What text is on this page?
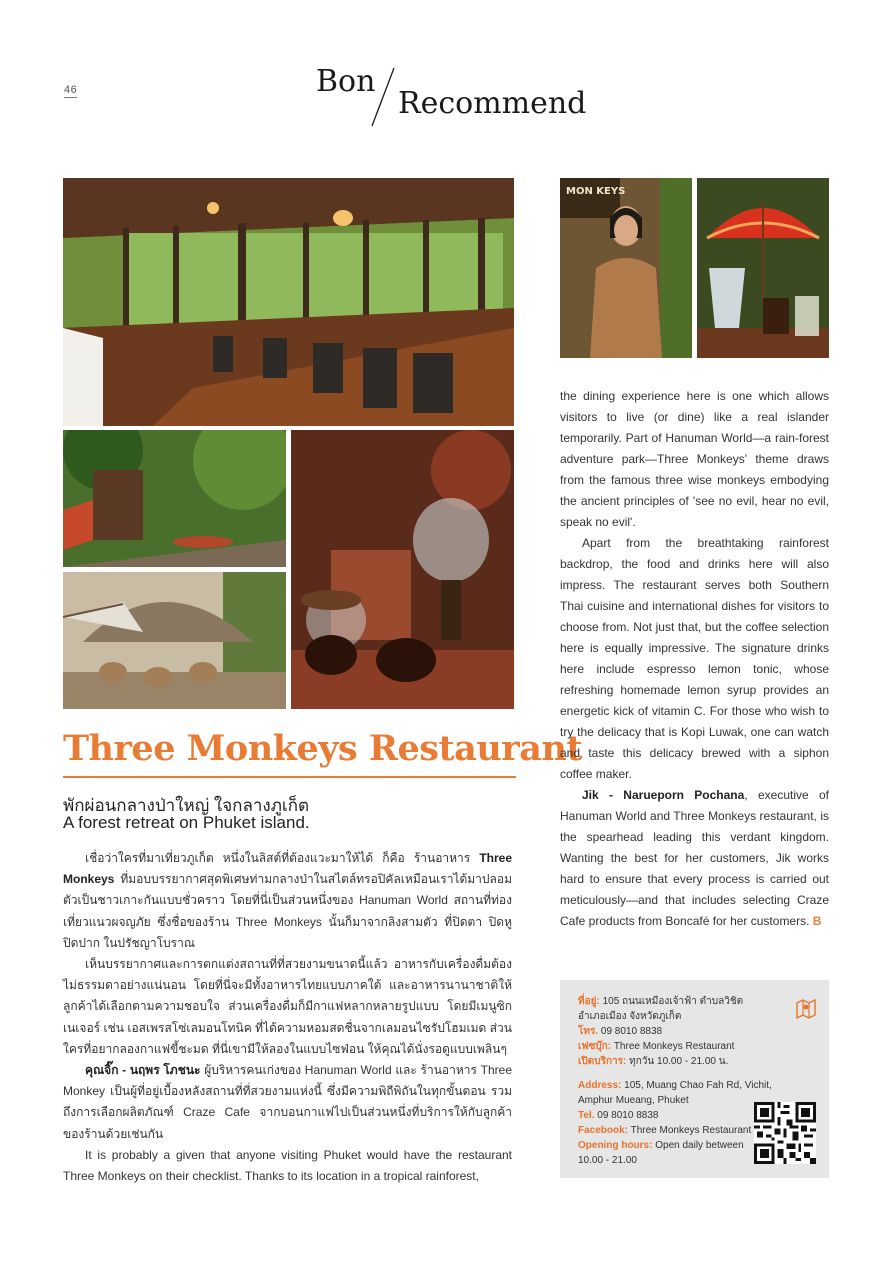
46	Bon
Recommend
MON KEYS
Three Monkeys Restaurant
พักผ่อนกลางป่าใหญ่ ใจกลางภูเก็ต
A forest retreat on Phuket island.

เชื่อว่าใครที่มาเที่ยวภูเก็ต หนึ่งในลิสต์ที่ต้องแวะมาให้ได้ ก็คือ ร้านอาหาร Three Monkeys ที่มอบบรรยากาศสุดพิเศษท่ามกลางป่าในสไตล์ทรอปิคัลเหมือนเราได้มาปลอมตัวเป็นชาวเกาะกันแบบชั่วคราว โดยที่นี่เป็นส่วนหนึ่งของ Hanuman World สถานที่ท่องเที่ยวแนวผจญภัย ซึ่งชื่อของร้าน Three Monkeys นั้นก็มาจากลิงสามตัว ที่ปิดตา ปิดหู ปิดปาก ในปรัชญาโบราณ

เห็นบรรยากาศและการตกแต่งสถานที่ที่สวยงามขนาดนี้แล้ว อาหารกับเครื่องดื่มต้องไม่ธรรมดาอย่างแน่นอน โดยที่นี่จะมีทั้งอาหารไทยแบบภาคใต้ และอาหารนานาชาติให้ลูกค้าได้เลือกตามความชอบใจ ส่วนเครื่องดื่มก็มีกาแฟหลากหลายรูปแบบ โดยมีเมนูซิกเนเจอร์ เช่น เอสเพรสโซ่เลมอนโทนิค ที่ได้ความหอมสดชื่นจากเลมอนไซรัปโฮมเมด ส่วนใครที่อยากลองกาแฟขี้ชะมด ที่นี่เขามีให้ลองในแบบไซฟ่อน ให้คุณได้นั่งรอดูแบบเพลินๆ

คุณจิ๊ก - นฤพร โภชนะ ผู้บริหารคนเก่งของ Hanuman World และ ร้านอาหาร Three Monkey เป็นผู้ที่อยู่เบื้องหลังสถานที่ที่สวยงามแห่งนี้ ซึ่งมีความพิถีพิถันในทุกขั้นตอน รวมถึงการเลือกผลิตภัณฑ์ Craze Cafe จากบอนกาแฟไปเป็นส่วนหนึ่งที่บริการให้กับลูกค้าของร้านด้วยเช่นกัน

It is probably a given that anyone visiting Phuket would have the restaurant Three Monkeys on their checklist. Thanks to its location in a tropical rainforest,

the dining experience here is one which allows visitors to live (or dine) like a real islander temporarily. Part of Hanuman World—a rain-forest adventure park—Three Monkeys' theme draws from the famous three wise monkeys embodying the ancient principles of 'see no evil, hear no evil, speak no evil'.

Apart from the breathtaking rainforest backdrop, the food and drinks here will also impress. The restaurant serves both Southern Thai cuisine and international dishes for visitors to choose from. Not just that, but the coffee selection here is equally impressive. The signature drinks here include espresso lemon tonic, whose refreshing homemade lemon syrup provides an energetic kick of vitamin C. For those who wish to try the delicacy that is Kopi Luwak, one can watch and taste this delicacy brewed with a siphon coffee maker.

Jik - Narueporn Pochana, executive of Hanuman World and Three Monkeys restaurant, is the spearhead leading this verdant kingdom. Wanting the best for her customers, Jik works hard to ensure that every process is carried out meticulously—and that includes selecting Craze Cafe products from Boncafé for her customers. B

ที่อยู่: 105 ถนนเหมืองเจ้าฟ้า ตำบลวิชิต
อำเภอเมือง จังหวัดภูเก็ต
โทร. 09 8010 8838
เฟซบุ๊ก: Three Monkeys Restaurant
เปิดบริการ: ทุกวัน 10.00 - 21.00 น.
Address: 105, Muang Chao Fah Rd, Vichit,
Amphur Mueang, Phuket
Tel. 09 8010 8838
Facebook: Three Monkeys Restaurant
Opening hours: Open daily between
10.00 - 21.00
